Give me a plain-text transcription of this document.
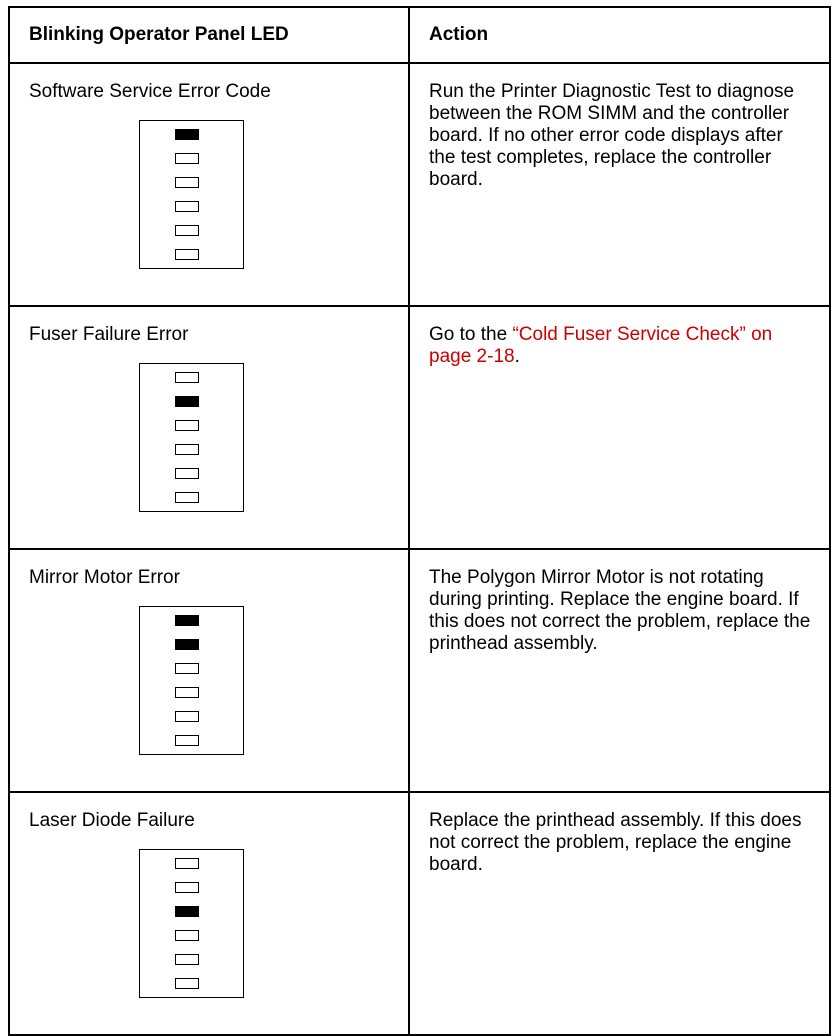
Blinking Operator Panel LED	Action

Software Service Error Code	Run the Printer Diagnostic Test to diagnose between the ROM SIMM and the controller board. If no other error code displays after the test completes, replace the controller board.

Fuser Failure Error	Go to the “Cold Fuser Service Check” on page 2-18.

Mirror Motor Error	The Polygon Mirror Motor is not rotating during printing. Replace the engine board. If this does not correct the problem, replace the printhead assembly.

Laser Diode Failure	Replace the printhead assembly. If this does not correct the problem, replace the engine board.
